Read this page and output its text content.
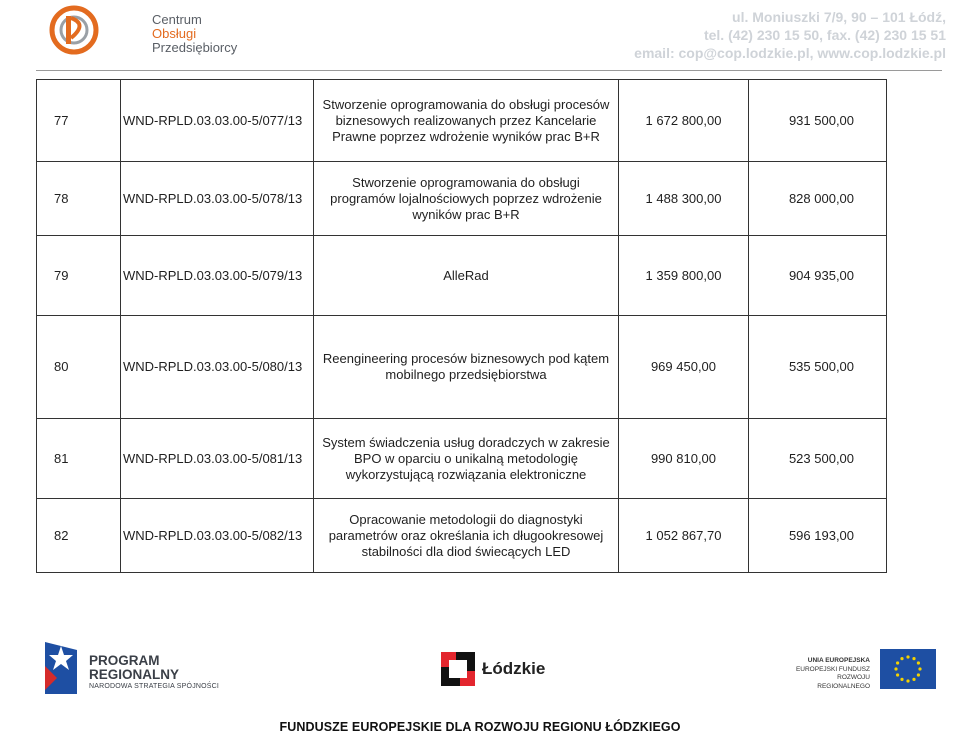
Centrum
Obsługi
Przedsiębiorcy
ul. Moniuszki 7/9, 90 – 101 Łódź,
tel. (42) 230 15 50, fax. (42) 230 15 51
email: cop@cop.lodzkie.pl, www.cop.lodzkie.pl
77	WND-RPLD.03.03.00-5/077/13	Stworzenie oprogramowania do obsługi procesów biznesowych realizowanych przez Kancelarie Prawne poprzez wdrożenie wyników prac B+R	1 672 800,00	931 500,00
78	WND-RPLD.03.03.00-5/078/13	Stworzenie oprogramowania do obsługi programów lojalnościowych poprzez wdrożenie wyników prac B+R	1 488 300,00	828 000,00
79	WND-RPLD.03.03.00-5/079/13	AlleRad	1 359 800,00	904 935,00
80	WND-RPLD.03.03.00-5/080/13	Reengineering procesów biznesowych pod kątem mobilnego przedsiębiorstwa	969 450,00	535 500,00
81	WND-RPLD.03.03.00-5/081/13	System świadczenia usług doradczych w zakresie BPO w oparciu o unikalną metodologię wykorzystującą rozwiązania elektroniczne	990 810,00	523 500,00
82	WND-RPLD.03.03.00-5/082/13	Opracowanie metodologii do diagnostyki parametrów oraz określania ich długookresowej stabilności dla diod świecących LED	1 052 867,70	596 193,00
PROGRAM
REGIONALNY
NARODOWA STRATEGIA SPÓJNOŚCI
Łódzkie	UNIA EUROPEJSKA
EUROPEJSKI FUNDUSZ
ROZWOJU REGIONALNEGO
FUNDUSZE EUROPEJSKIE DLA ROZWOJU REGIONU ŁÓDZKIEGO
